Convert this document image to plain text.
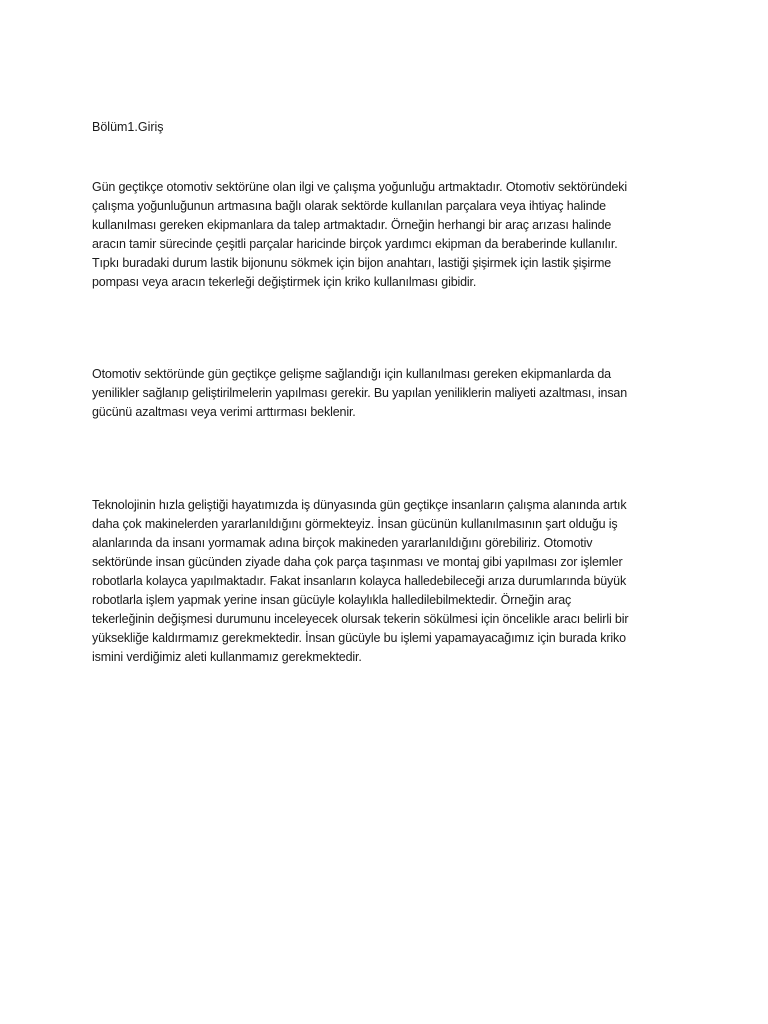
Bölüm1.Giriş

Gün geçtikçe otomotiv sektörüne olan ilgi ve çalışma yoğunluğu artmaktadır. Otomotiv sektöründeki
çalışma yoğunluğunun artmasına bağlı olarak sektörde kullanılan parçalara veya ihtiyaç halinde
kullanılması gereken ekipmanlara da talep artmaktadır. Örneğin herhangi bir araç arızası halinde
aracın tamir sürecinde çeşitli parçalar haricinde birçok yardımcı ekipman da beraberinde kullanılır.
Tıpkı buradaki durum lastik bijonunu sökmek için bijon anahtarı, lastiği şişirmek için lastik şişirme
pompası veya aracın tekerleği değiştirmek için kriko kullanılması gibidir.

Otomotiv sektöründe gün geçtikçe gelişme sağlandığı için kullanılması gereken ekipmanlarda da
yenilikler sağlanıp geliştirilmelerin yapılması gerekir. Bu yapılan yeniliklerin maliyeti azaltması, insan
gücünü azaltması veya verimi arttırması beklenir.

Teknolojinin hızla geliştiği hayatımızda iş dünyasında gün geçtikçe insanların çalışma alanında artık
daha çok makinelerden yararlanıldığını görmekteyiz. İnsan gücünün kullanılmasının şart olduğu iş
alanlarında da insanı yormamak adına birçok makineden yararlanıldığını görebiliriz. Otomotiv
sektöründe insan gücünden ziyade daha çok parça taşınması ve montaj gibi yapılması zor işlemler
robotlarla kolayca yapılmaktadır. Fakat insanların kolayca halledebileceği arıza durumlarında büyük
robotlarla işlem yapmak yerine insan gücüyle kolaylıkla halledilebilmektedir. Örneğin araç
tekerleğinin değişmesi durumunu inceleyecek olursak tekerin sökülmesi için öncelikle aracı belirli bir
yüksekliğe kaldırmamız gerekmektedir. İnsan gücüyle bu işlemi yapamayacağımız için burada kriko
ismini verdiğimiz aleti kullanmamız gerekmektedir.
